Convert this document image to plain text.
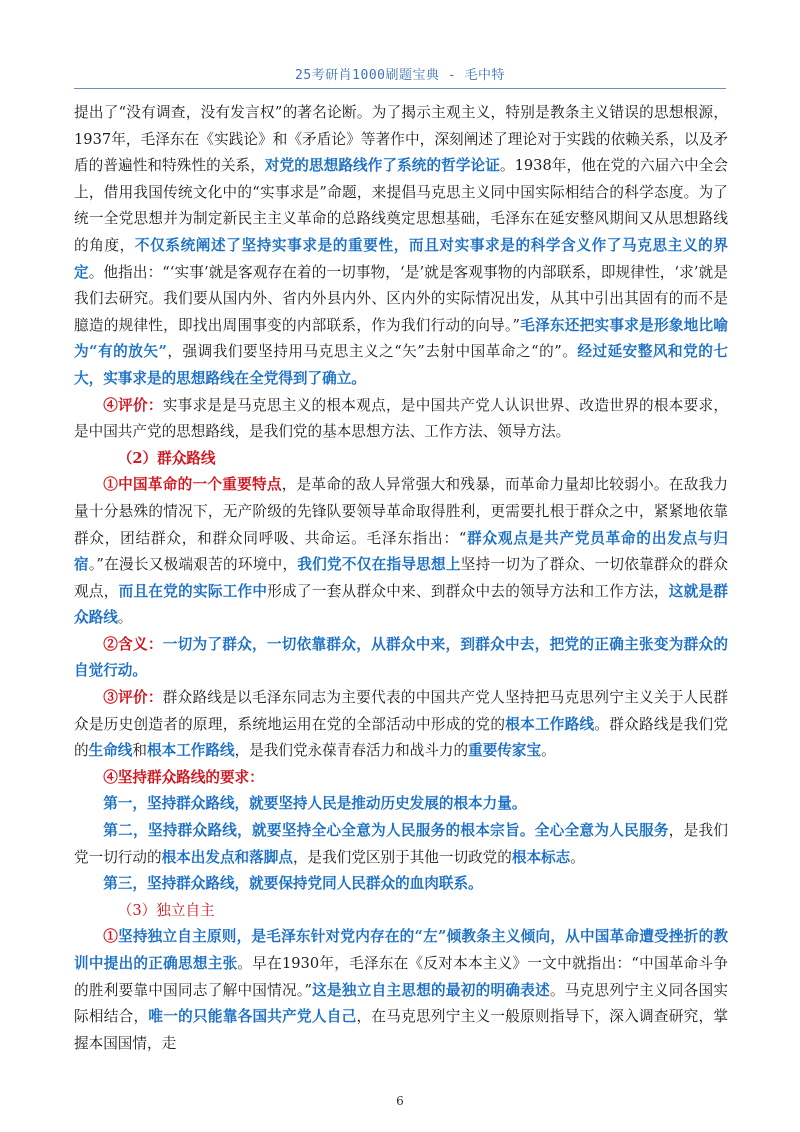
25考研肖1000刷题宝典 - 毛中特

提出了“没有调查，没有发言权”的著名论断。为了揭示主观主义，特别是教条主义错误的思想根源，1937年，毛泽东在《实践论》和《矛盾论》等著作中，深刻阐述了理论对于实践的依赖关系，以及矛盾的普遍性和特殊性的关系，对党的思想路线作了系统的哲学论证。1938年，他在党的六届六中全会上，借用我国传统文化中的“实事求是”命题，来提倡马克思主义同中国实际相结合的科学态度。为了统一全党思想并为制定新民主主义革命的总路线奠定思想基础，毛泽东在延安整风期间又从思想路线的角度，不仅系统阐述了坚持实事求是的重要性，而且对实事求是的科学含义作了马克思主义的界定。他指出：“‘实事’就是客观存在着的一切事物，‘是’就是客观事物的内部联系，即规律性，‘求’就是我们去研究。我们要从国内外、省内外县内外、区内外的实际情况出发，从其中引出其固有的而不是臆造的规律性，即找出周围事变的内部联系，作为我们行动的向导。”毛泽东还把实事求是形象地比喻为“有的放矢”，强调我们要坚持用马克思主义之“矢”去射中国革命之“的”。经过延安整风和党的七大，实事求是的思想路线在全党得到了确立。

④评价：实事求是是马克思主义的根本观点，是中国共产党人认识世界、改造世界的根本要求，是中国共产党的思想路线，是我们党的基本思想方法、工作方法、领导方法。

（2）群众路线

①中国革命的一个重要特点，是革命的敌人异常强大和残暴，而革命力量却比较弱小。在敌我力量十分悬殊的情况下，无产阶级的先锋队要领导革命取得胜利，更需要扎根于群众之中，紧紧地依靠群众，团结群众，和群众同呼吸、共命运。毛泽东指出：“群众观点是共产党员革命的出发点与归宿。”在漫长又极端艰苦的环境中，我们党不仅在指导思想上坚持一切为了群众、一切依靠群众的群众观点，而且在党的实际工作中形成了一套从群众中来、到群众中去的领导方法和工作方法，这就是群众路线。

②含义：一切为了群众，一切依靠群众，从群众中来，到群众中去，把党的正确主张变为群众的自觉行动。

③评价：群众路线是以毛泽东同志为主要代表的中国共产党人坚持把马克思列宁主义关于人民群众是历史创造者的原理，系统地运用在党的全部活动中形成的党的根本工作路线。群众路线是我们党的生命线和根本工作路线，是我们党永葆青春活力和战斗力的重要传家宝。

④坚持群众路线的要求：

第一，坚持群众路线，就要坚持人民是推动历史发展的根本力量。

第二，坚持群众路线，就要坚持全心全意为人民服务的根本宗旨。全心全意为人民服务，是我们党一切行动的根本出发点和落脚点，是我们党区别于其他一切政党的根本标志。

第三，坚持群众路线，就要保持党同人民群众的血肉联系。

（3）独立自主

①坚持独立自主原则，是毛泽东针对党内存在的“左”倾教条主义倾向，从中国革命遭受挫折的教训中提出的正确思想主张。早在1930年，毛泽东在《反对本本主义》一文中就指出：“中国革命斗争的胜利要靠中国同志了解中国情况。”这是独立自主思想的最初的明确表述。马克思列宁主义同各国实际相结合，唯一的只能靠各国共产党人自己，在马克思列宁主义一般原则指导下，深入调查研究，掌握本国国情，走

6
